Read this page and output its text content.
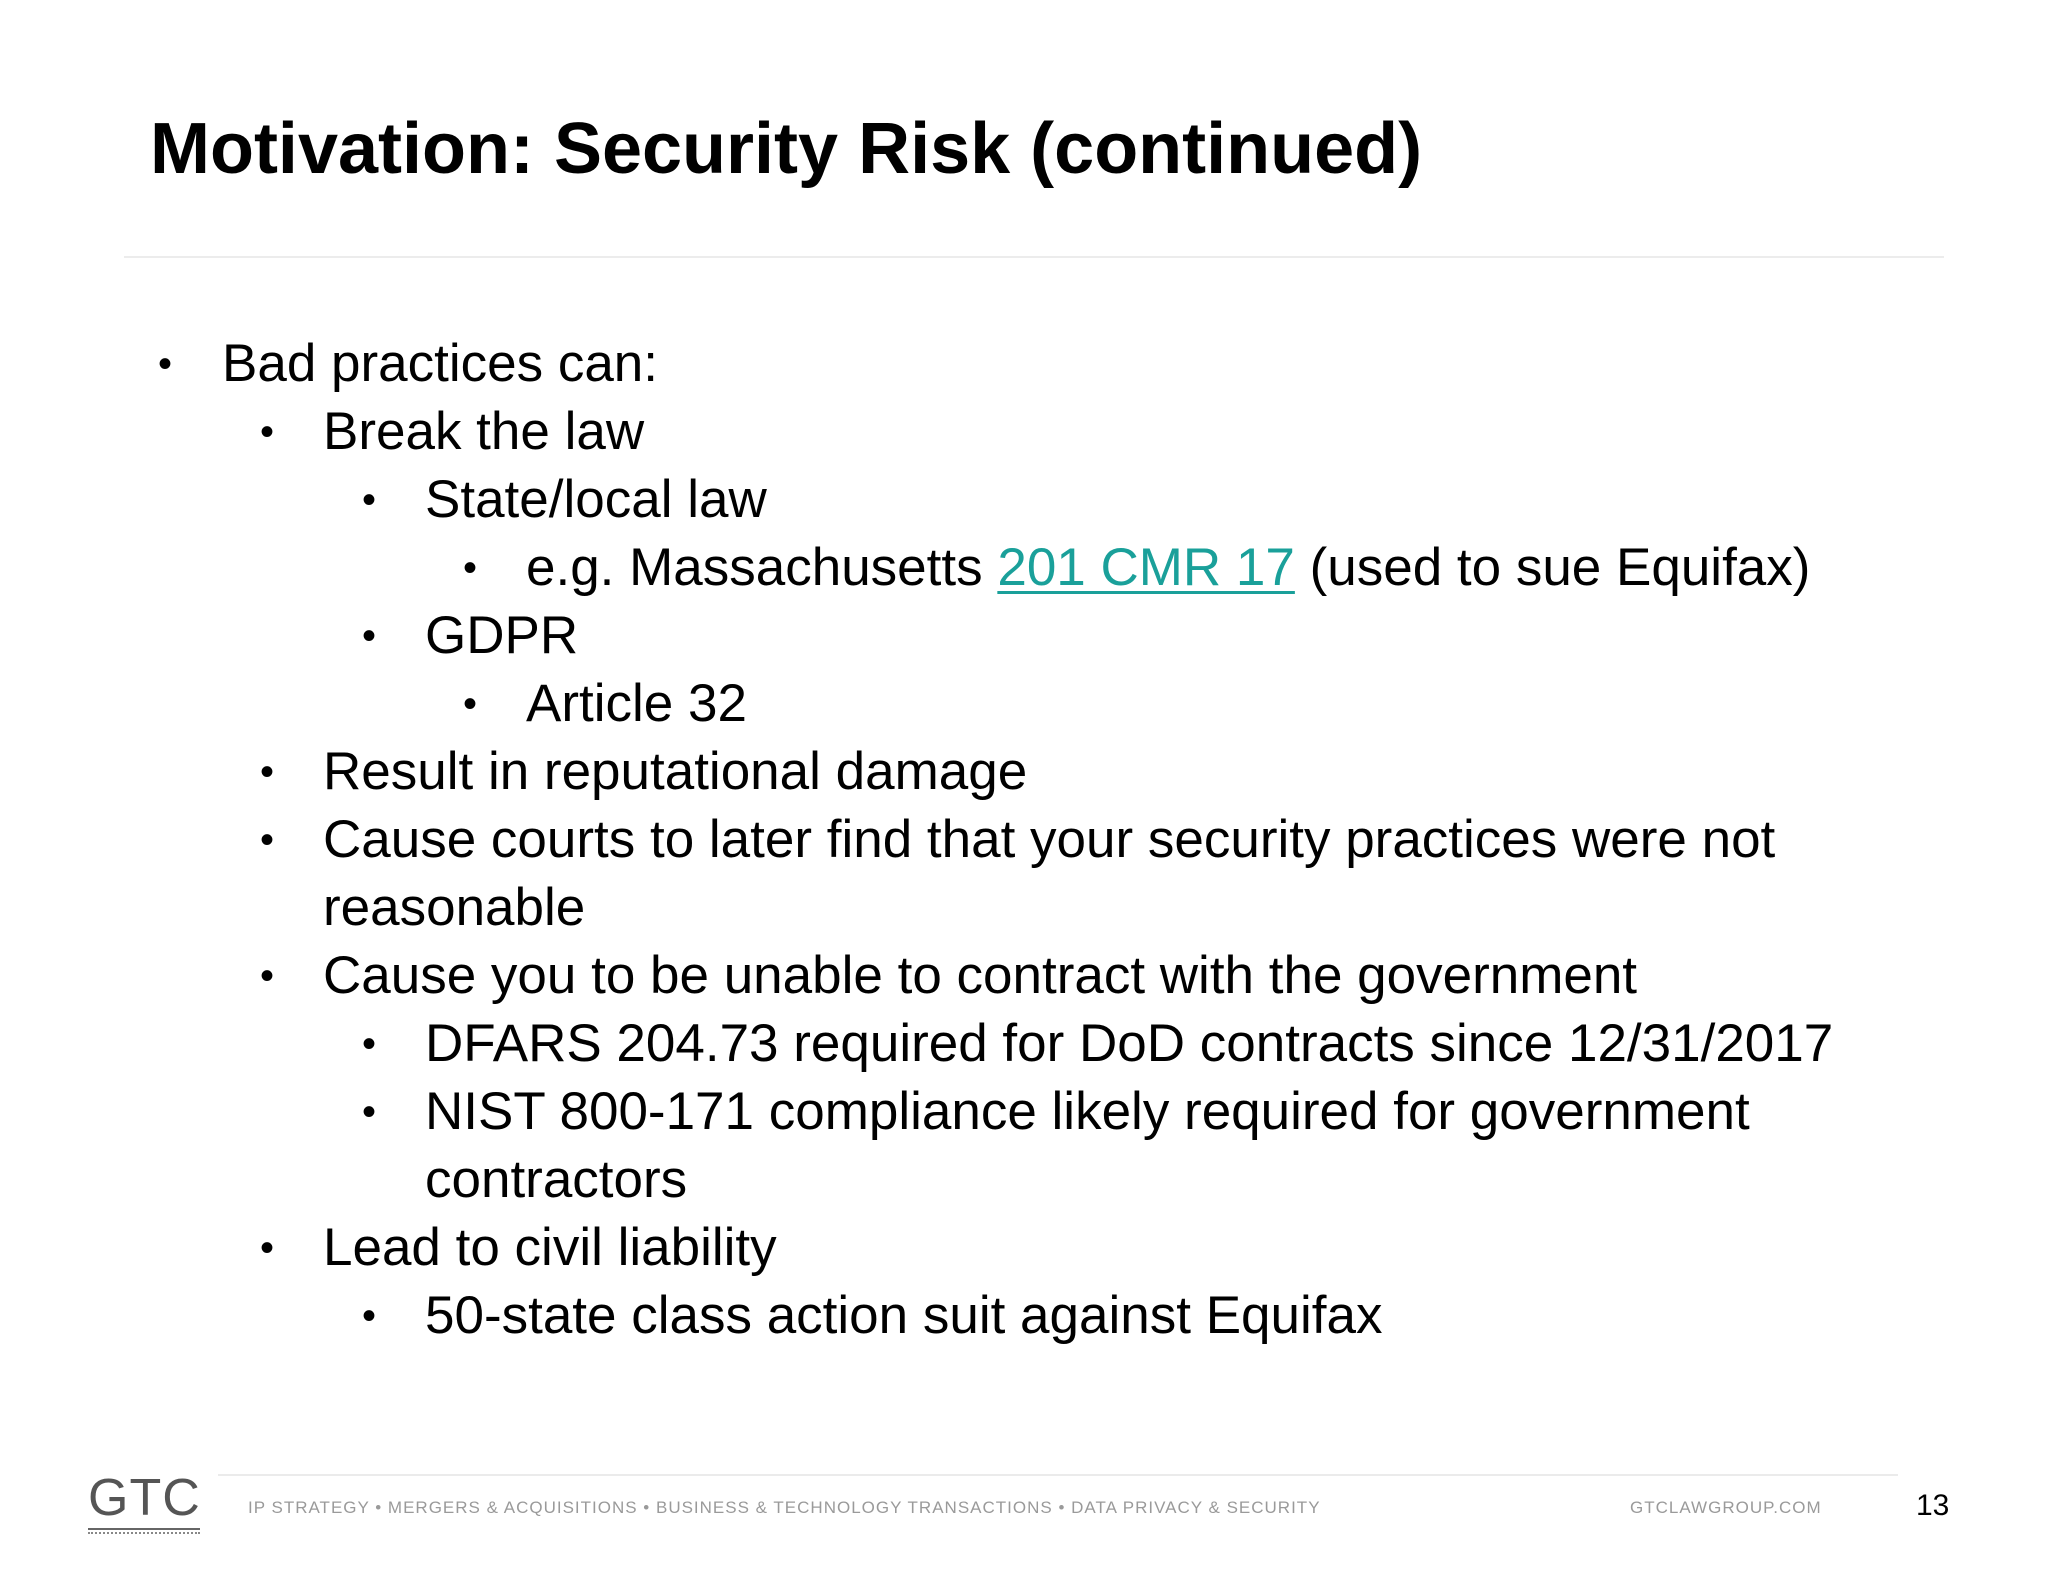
Motivation: Security Risk (continued)
• Bad practices can:
• Break the law
• State/local law
• e.g. Massachusetts 201 CMR 17 (used to sue Equifax)
• GDPR
• Article 32
• Result in reputational damage
• Cause courts to later find that your security practices were not
reasonable
• Cause you to be unable to contract with the government
• DFARS 204.73 required for DoD contracts since 12/31/2017
• NIST 800-171 compliance likely required for government
contractors
• Lead to civil liability
• 50-state class action suit against Equifax
GTC	IP STRATEGY • MERGERS & ACQUISITIONS • BUSINESS & TECHNOLOGY TRANSACTIONS • DATA PRIVACY & SECURITY	GTCLAWGROUP.COM	13
